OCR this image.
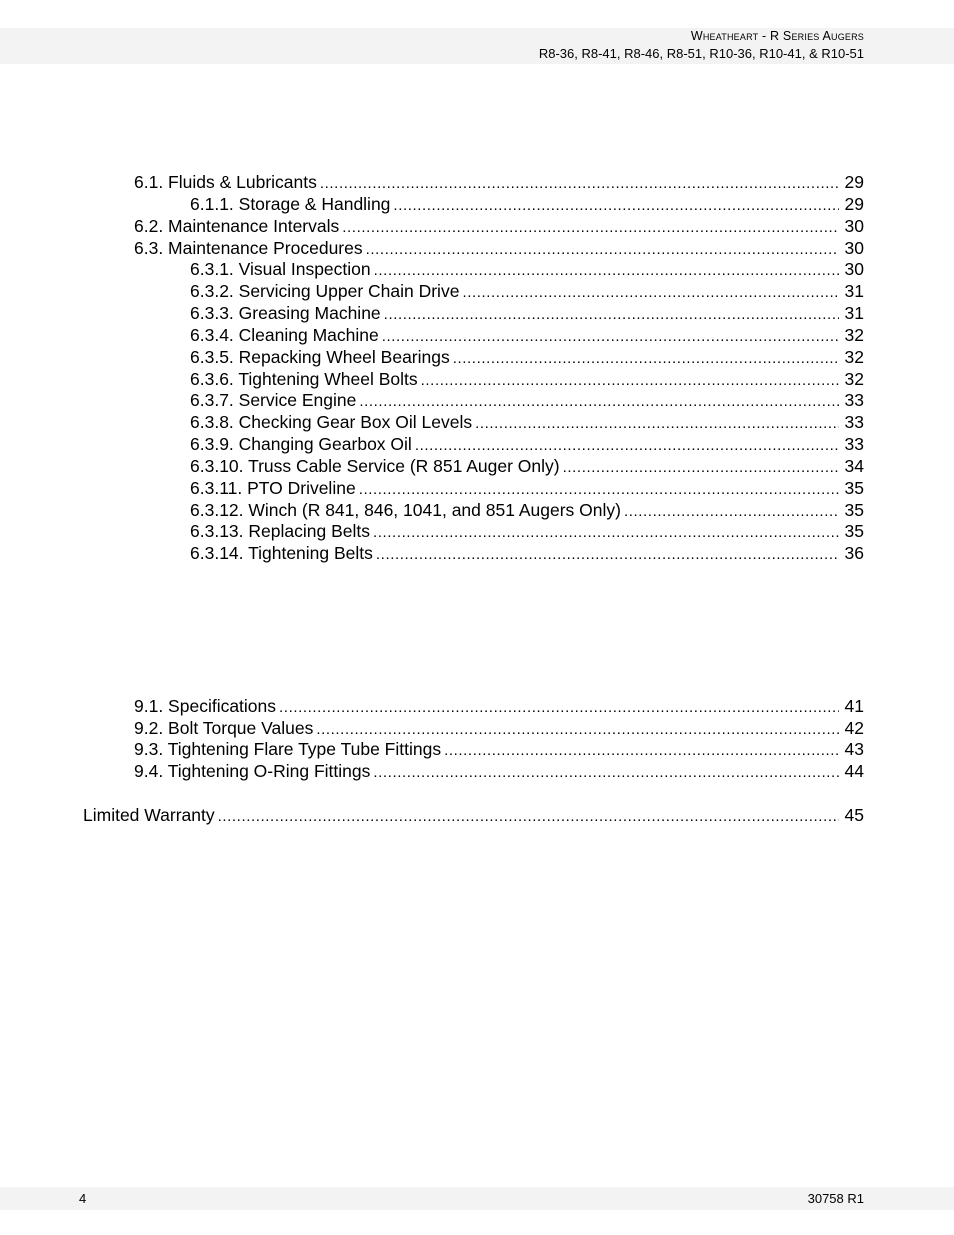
Wheatheart - R Series Augers
R8-36, R8-41, R8-46, R8-51, R10-36, R10-41, & R10-51
6.1. Fluids & Lubricants .....	29
6.1.1. Storage & Handling .....	29
6.2. Maintenance Intervals .....	30
6.3. Maintenance Procedures .....	30
6.3.1. Visual Inspection .....	30
6.3.2. Servicing Upper Chain Drive .....	31
6.3.3. Greasing Machine .....	31
6.3.4. Cleaning Machine .....	32
6.3.5. Repacking Wheel Bearings .....	32
6.3.6. Tightening Wheel Bolts .....	32
6.3.7. Service Engine .....	33
6.3.8. Checking Gear Box Oil Levels .....	33
6.3.9. Changing Gearbox Oil .....	33
6.3.10. Truss Cable Service (R 851 Auger Only) .....	34
6.3.11. PTO Driveline .....	35
6.3.12. Winch (R 841, 846, 1041, and 851 Augers Only) .....	35
6.3.13. Replacing Belts .....	35
6.3.14. Tightening Belts .....	36
9.1. Specifications .....	41
9.2. Bolt Torque Values .....	42
9.3. Tightening Flare Type Tube Fittings .....	43
9.4. Tightening O-Ring Fittings .....	44
Limited Warranty .....	45
4	30758 R1
